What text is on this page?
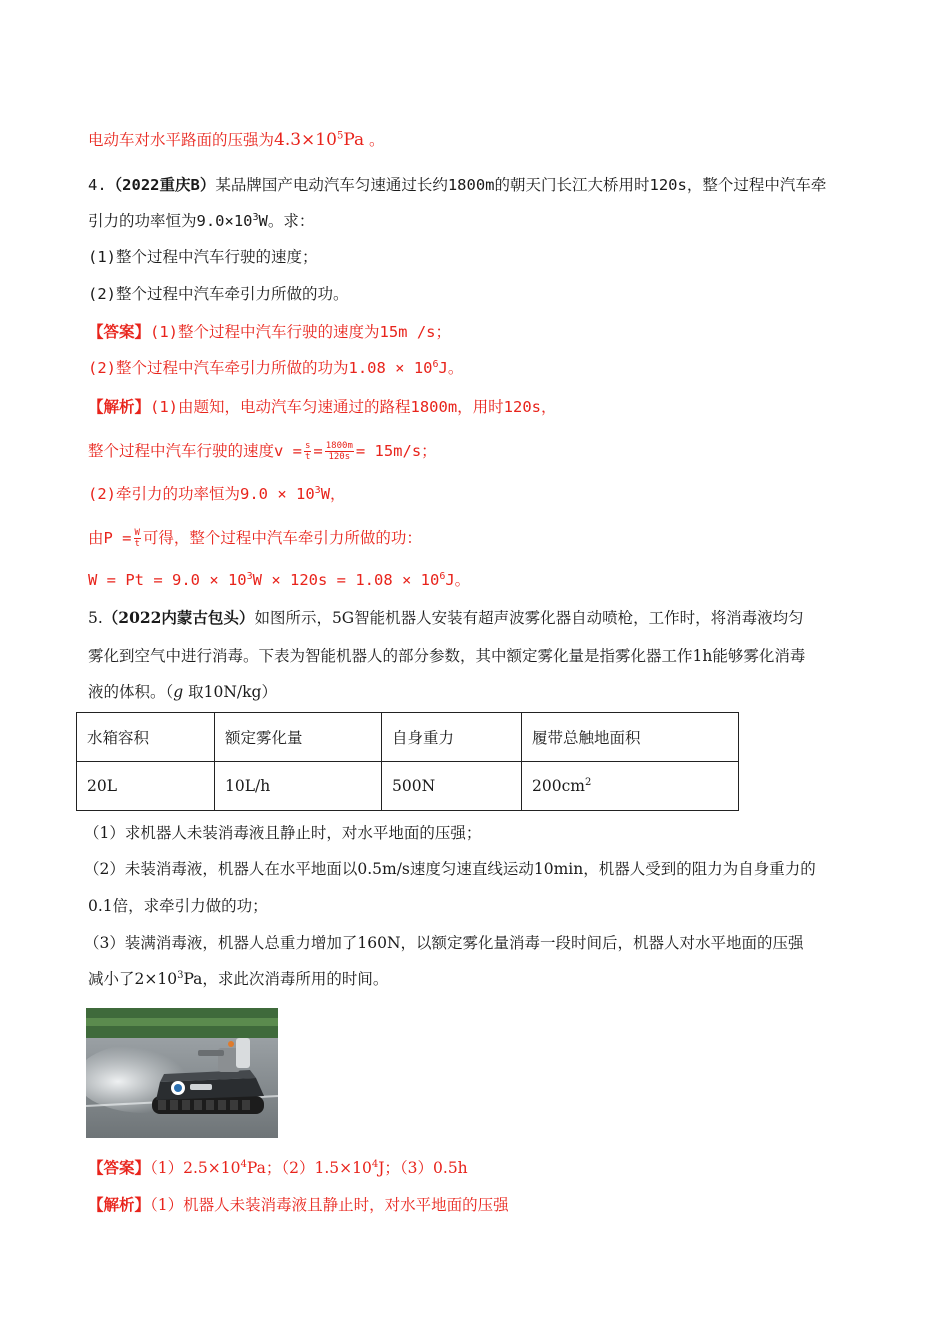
电动车对水平路面的压强为$4.3\times 10^5Pa$ 。
4.（2022重庆B）某品牌国产电动汽车匀速通过长约1800m的朝天门长江大桥用时120s，整个过程中汽车牵
引力的功率恒为$9.0\times 10^3W$。求：
(1)整个过程中汽车行驶的速度；
(2)整个过程中汽车牵引力所做的功。
【答案】(1)整个过程中汽车行驶的速度为15m /s；
(2)整个过程中汽车牵引力所做的功为$1.08 \times 10^6J$。
【解析】(1)由题知，电动汽车匀速通过的路程1800m，用时120s，
整个过程中汽车行驶的速度$v = \frac{s}{t} = \frac{1800m}{120s} = 15m/s$；
(2)牵引力的功率恒为$9.0 \times 10^3W$，
由$P = \frac{W}{t}$ 可得，整个过程中汽车牵引力所做的功：
$W = Pt = 9.0 \times 10^3W \times 120s = 1.08 \times 10^6J$。
5.（2022内蒙古包头）如图所示，5G智能机器人安装有超声波雾化器自动喷枪，工作时，将消毒液均匀
雾化到空气中进行消毒。下表为智能机器人的部分参数，其中额定雾化量是指雾化器工作1h能够雾化消毒
液的体积。（g 取10N/kg）
水箱容积	额定雾化量	自身重力	履带总触地面积
20L	10L/h	500N	$200cm^2$
（1）求机器人未装消毒液且静止时，对水平地面的压强；
（2）未装消毒液，机器人在水平地面以0.5m/s速度匀速直线运动10min，机器人受到的阻力为自身重力的
0.1倍，求牵引力做的功；
（3）装满消毒液，机器人总重力增加了160N，以额定雾化量消毒一段时间后，机器人对水平地面的压强
减小了$2\times 10^3Pa$，求此次消毒所用的时间。
【答案】$(1)2.5\times 10^4Pa$；$(2)1.5\times 10^4J$；（3）0.5h
【解析】（1）机器人未装消毒液且静止时，对水平地面的压强
